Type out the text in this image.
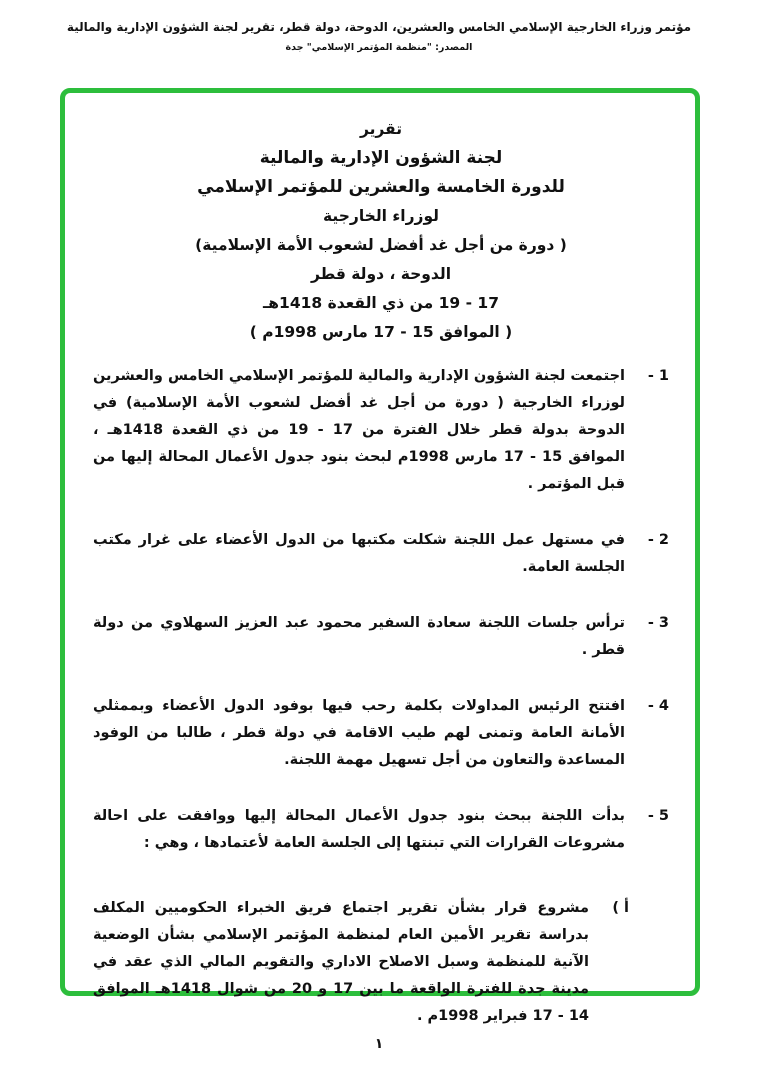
مؤتمر وزراء الخارجية الإسلامي الخامس والعشرين، الدوحة، دولة قطر، تقرير لجنة الشؤون الإدارية والمالية
المصدر: "منظمة المؤتمر الإسلامي" جدة
تقرير
لجنة الشؤون الإدارية والمالية
للدورة الخامسة والعشرين للمؤتمر الإسلامي
لوزراء الخارجية
( دورة من أجل غد أفضل لشعوب الأمة الإسلامية)
الدوحة ، دولة قطر
17 - 19 من ذي القعدة 1418هـ
( الموافق 15 - 17 مارس 1998م )
- 1
اجتمعت لجنة الشؤون الإدارية والمالية للمؤتمر الإسلامي الخامس والعشرين لوزراء الخارجية ( دورة من أجل غد أفضل لشعوب الأمة الإسلامية) في الدوحة بدولة قطر خلال الفترة من 17 - 19 من ذي القعدة 1418هـ ، الموافق 15 - 17 مارس 1998م لبحث بنود جدول الأعمال المحالة إليها من قبل المؤتمر .
- 2
في مستهل عمل اللجنة شكلت مكتبها من الدول الأعضاء على غرار مكتب الجلسة العامة.
- 3
ترأس جلسات اللجنة سعادة السفير محمود عبد العزيز السهلاوي من دولة قطر .
- 4
افتتح الرئيس المداولات بكلمة رحب فيها بوفود الدول الأعضاء وبممثلي الأمانة العامة وتمنى لهم طيب الاقامة في دولة قطر ، طالبا من الوفود المساعدة والتعاون من أجل تسهيل مهمة اللجنة.
- 5
بدأت اللجنة ببحث بنود جدول الأعمال المحالة إليها ووافقت على احالة مشروعات القرارات التي تبنتها إلى الجلسة العامة لأعتمادها ، وهي :
أ )
مشروع قرار بشأن تقرير اجتماع فريق الخبراء الحكوميين المكلف بدراسة تقرير الأمين العام لمنظمة المؤتمر الإسلامي بشأن الوضعية الآنية للمنظمة وسبل الاصلاح الاداري والتقويم المالي الذي عقد في مدينة جدة للفترة الواقعة ما بين 17 و 20 من شوال 1418هـ الموافق 14 - 17 فبراير 1998م .
١
